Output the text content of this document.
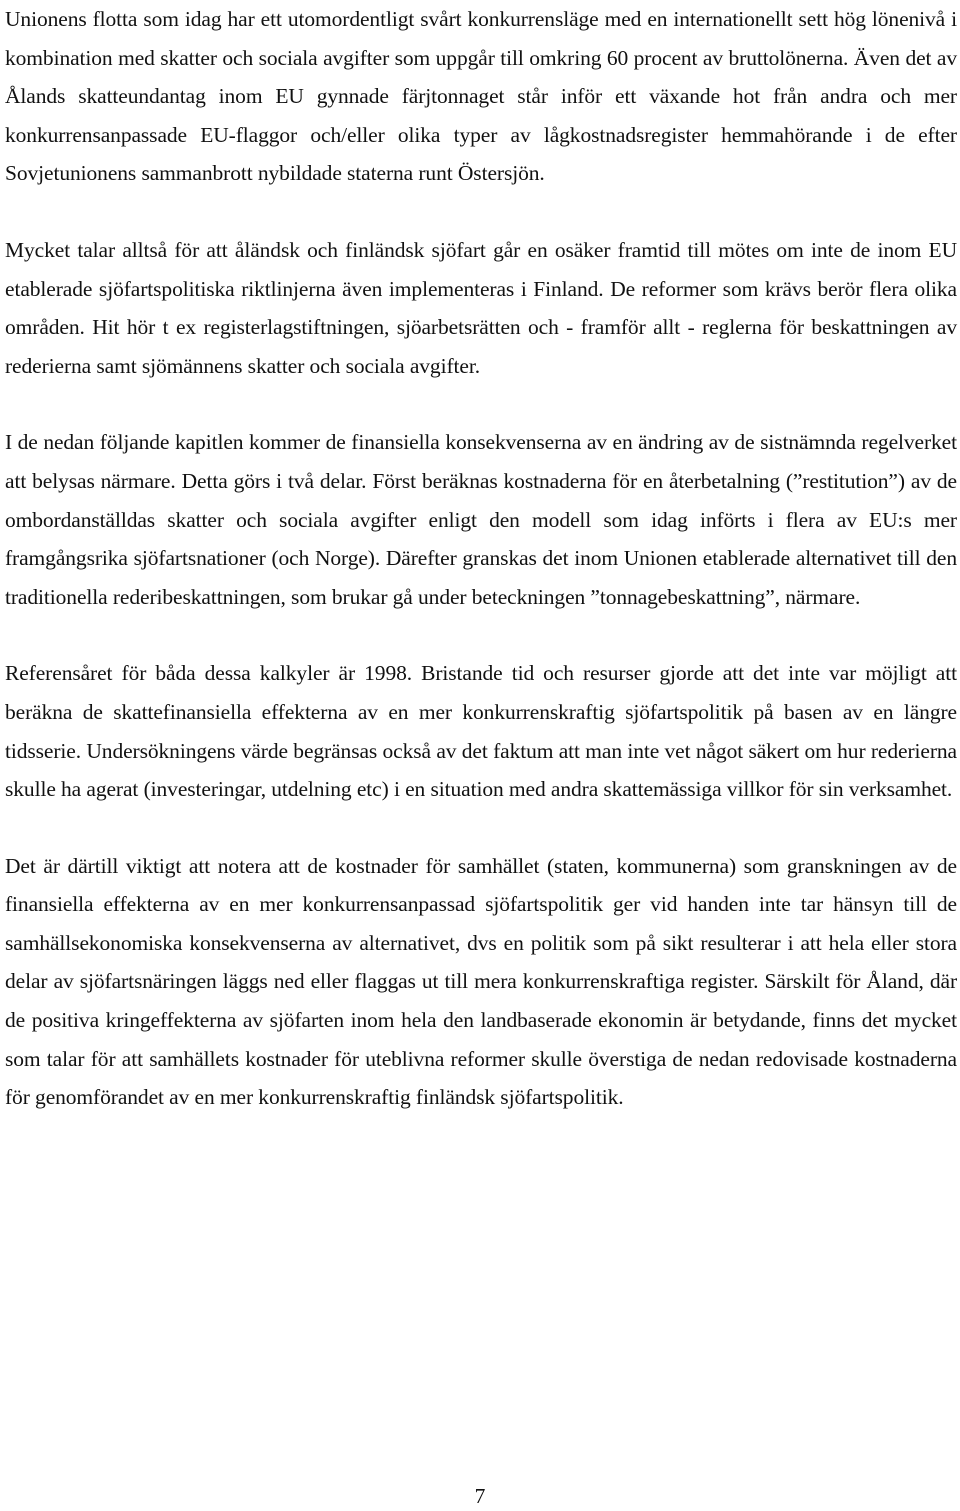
Unionens flotta som idag har ett utomordentligt svårt konkurrensläge med en internationellt sett hög lönenivå i kombination med skatter och sociala avgifter som uppgår till omkring 60 procent av bruttolönerna. Även det av Ålands skatteundantag inom EU gynnade färjtonnaget står inför ett växande hot från andra och mer konkurrensanpassade EU-flaggor och/eller olika typer av lågkostnadsregister hemmahörande i de efter Sovjetunionens sammanbrott nybildade staterna runt Östersjön.

Mycket talar alltså för att åländsk och finländsk sjöfart går en osäker framtid till mötes om inte de inom EU etablerade sjöfartspolitiska riktlinjerna även implementeras i Finland. De reformer som krävs berör flera olika områden. Hit hör t ex registerlagstiftningen, sjöarbetsrätten och - framför allt - reglerna för beskattningen av rederierna samt sjömännens skatter och sociala avgifter.

I de nedan följande kapitlen kommer de finansiella konsekvenserna av en ändring av de sistnämnda regelverket att belysas närmare. Detta görs i två delar. Först beräknas kostnaderna för en återbetalning (”restitution”) av de ombordanställdas skatter och sociala avgifter enligt den modell som idag införts i flera av EU:s mer framgångsrika sjöfartsnationer (och Norge). Därefter granskas det inom Unionen etablerade alternativet till den traditionella rederibeskattningen, som brukar gå under beteckningen ”tonnagebeskattning”, närmare.

Referensåret för båda dessa kalkyler är 1998. Bristande tid och resurser gjorde att det inte var möjligt att beräkna de skattefinansiella effekterna av en mer konkurrenskraftig sjöfartspolitik på basen av en längre tidsserie. Undersökningens värde begränsas också av det faktum att man inte vet något säkert om hur rederierna skulle ha agerat (investeringar, utdelning etc) i en situation med andra skattemässiga villkor för sin verksamhet.

Det är därtill viktigt att notera att de kostnader för samhället (staten, kommunerna) som granskningen av de finansiella effekterna av en mer konkurrensanpassad sjöfartspolitik ger vid handen inte tar hänsyn till de samhällsekonomiska konsekvenserna av alternativet, dvs en politik som på sikt resulterar i att hela eller stora delar av sjöfartsnäringen läggs ned eller flaggas ut till mera konkurrenskraftiga register. Särskilt för Åland, där de positiva kringeffekterna av sjöfarten inom hela den landbaserade ekonomin är betydande, finns det mycket som talar för att samhällets kostnader för uteblivna reformer skulle överstiga de nedan redovisade kostnaderna för genomförandet av en mer konkurrenskraftig finländsk sjöfartspolitik.

7
